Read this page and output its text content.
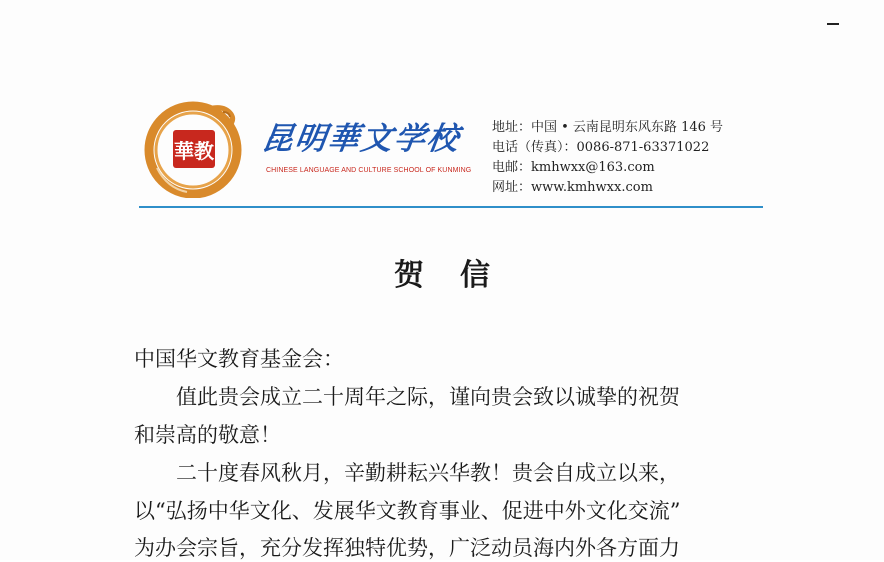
華教 昆明華文学校
CHINESE LANGUAGE AND CULTURE SCHOOL OF KUNMING
地址：中国 • 云南昆明东风东路 146 号
电话（传真）：0086-871-63371022
电邮：kmhwxx@163.com
网址：www.kmhwxx.com
贺信
中国华文教育基金会：
值此贵会成立二十周年之际，谨向贵会致以诚挚的祝贺
和崇高的敬意！
二十度春风秋月，辛勤耕耘兴华教！贵会自成立以来，
以“弘扬中华文化、发展华文教育事业、促进中外文化交流”
为办会宗旨，充分发挥独特优势，广泛动员海内外各方面力
